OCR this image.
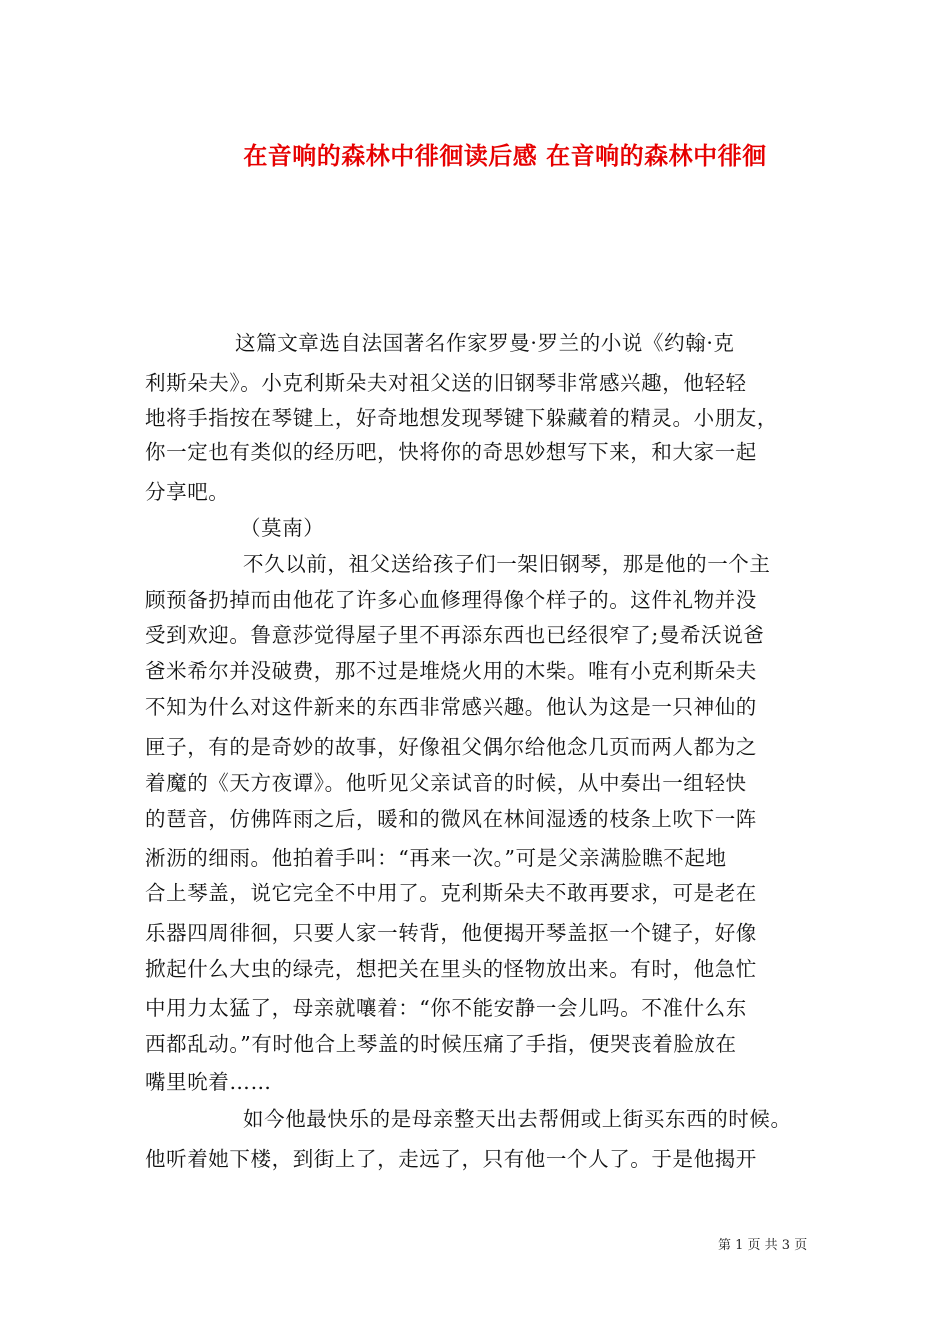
在音响的森林中徘徊读后感 在音响的森林中徘徊
这篇文章选自法国著名作家罗曼·罗兰的小说《约翰·克
利斯朵夫》。小克利斯朵夫对祖父送的旧钢琴非常感兴趣，他轻轻
地将手指按在琴键上，好奇地想发现琴键下躲藏着的精灵。小朋友，
你一定也有类似的经历吧，快将你的奇思妙想写下来，和大家一起
分享吧。
（莫南）
不久以前，祖父送给孩子们一架旧钢琴，那是他的一个主
顾预备扔掉而由他花了许多心血修理得像个样子的。这件礼物并没
受到欢迎。鲁意莎觉得屋子里不再添东西也已经很窄了;曼希沃说爸
爸米希尔并没破费，那不过是堆烧火用的木柴。唯有小克利斯朵夫
不知为什么对这件新来的东西非常感兴趣。他认为这是一只神仙的
匣子，有的是奇妙的故事，好像祖父偶尔给他念几页而两人都为之
着魔的《天方夜谭》。他听见父亲试音的时候，从中奏出一组轻快
的琶音，仿佛阵雨之后，暖和的微风在林间湿透的枝条上吹下一阵
淅沥的细雨。他拍着手叫：“再来一次。”可是父亲满脸瞧不起地
合上琴盖，说它完全不中用了。克利斯朵夫不敢再要求，可是老在
乐器四周徘徊，只要人家一转背，他便揭开琴盖抠一个键子，好像
掀起什么大虫的绿壳，想把关在里头的怪物放出来。有时，他急忙
中用力太猛了，母亲就嚷着：“你不能安静一会儿吗。不准什么东
西都乱动。”有时他合上琴盖的时候压痛了手指，便哭丧着脸放在
嘴里吮着……
如今他最快乐的是母亲整天出去帮佣或上街买东西的时候。
他听着她下楼，到街上了，走远了，只有他一个人了。于是他揭开
第 1 页 共 3 页
